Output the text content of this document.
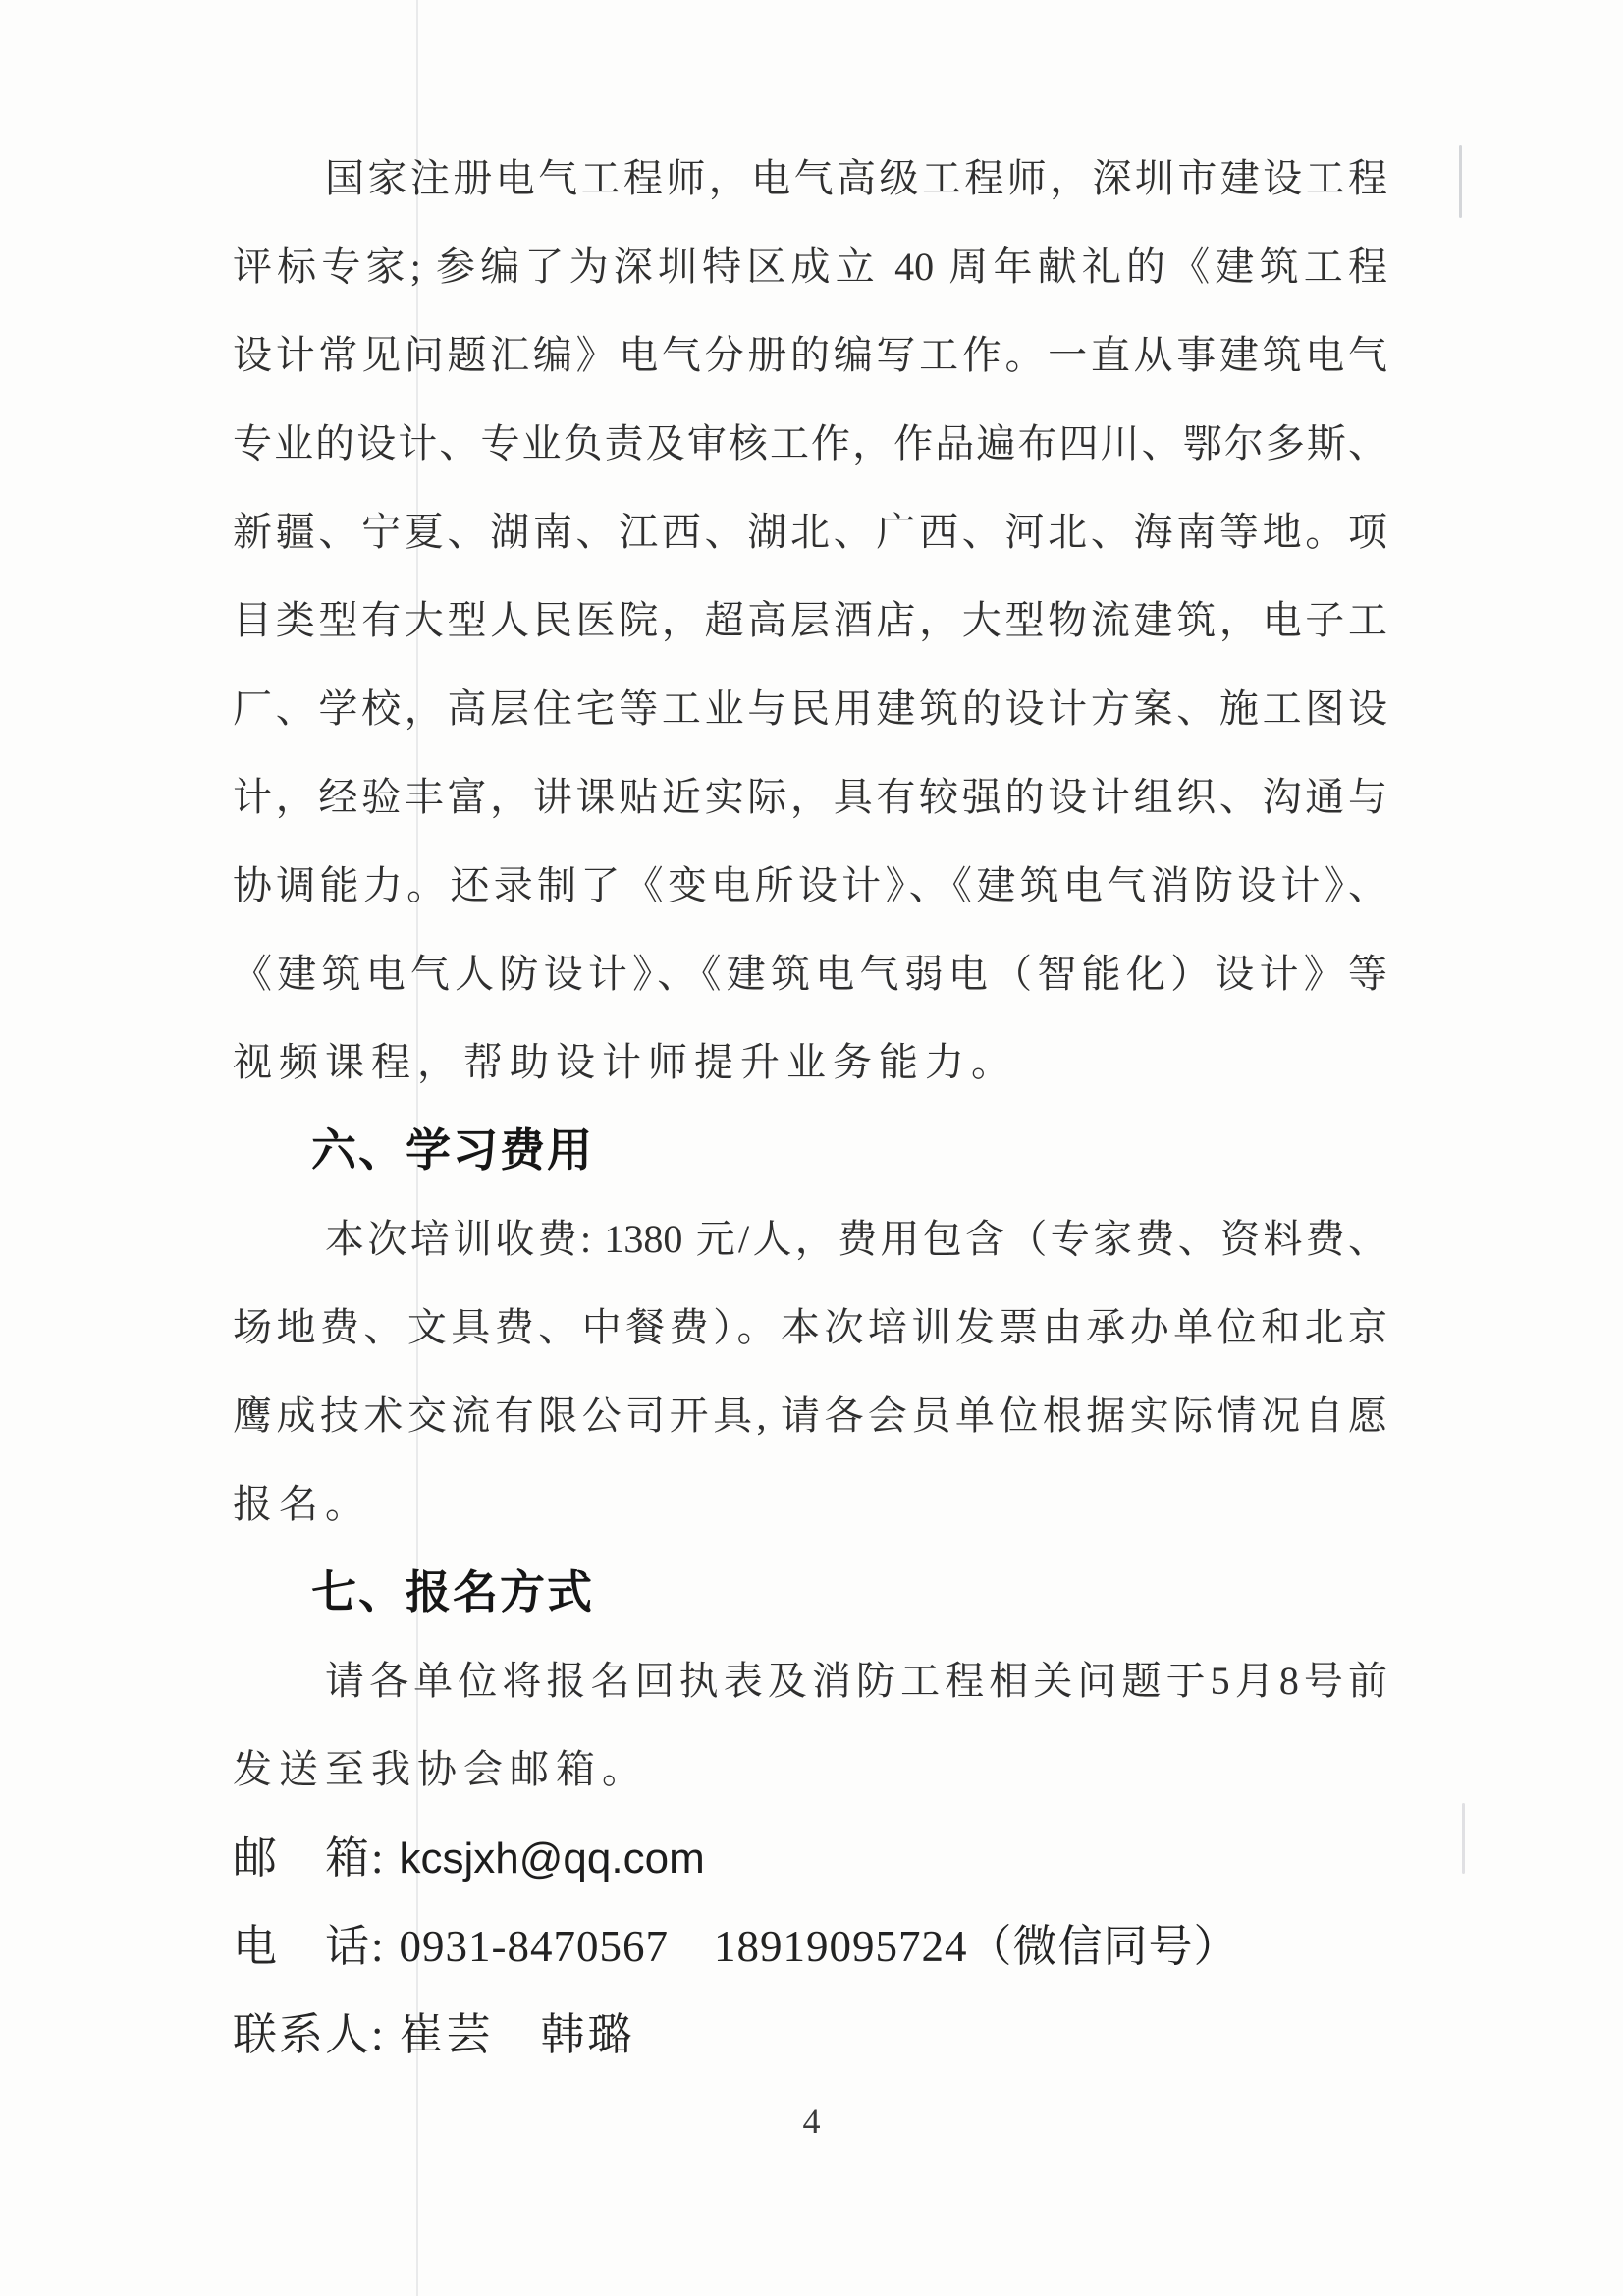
国家注册电气工程师，电气高级工程师，深圳市建设工程
评标专家; 参编了为深圳特区成立 40 周年献礼的《建筑工程
设计常见问题汇编》电气分册的编写工作。一直从事建筑电气
专业的设计、专业负责及审核工作，作品遍布四川、鄂尔多斯、
新疆、宁夏、湖南、江西、湖北、广西、河北、海南等地。项
目类型有大型人民医院，超高层酒店，大型物流建筑，电子工
厂、学校，高层住宅等工业与民用建筑的设计方案、施工图设
计，经验丰富，讲课贴近实际，具有较强的设计组织、沟通与
协调能力。还录制了《变电所设计》、《建筑电气消防设计》、
《建筑电气人防设计》、《建筑电气弱电（智能化）设计》等
视频课程，帮助设计师提升业务能力。
六、学习费用
本次培训收费: 1380 元/人，费用包含（专家费、资料费、
场地费、文具费、中餐费）。本次培训发票由承办单位和北京
鹰成技术交流有限公司开具, 请各会员单位根据实际情况自愿
报名。
七、报名方式
请各单位将报名回执表及消防工程相关问题于5月8号前
发送至我协会邮箱。
邮　箱: kcsjxh@qq.com
电　话: 0931-8470567　18919095724（微信同号）
联系人: 崔芸　韩璐
4
